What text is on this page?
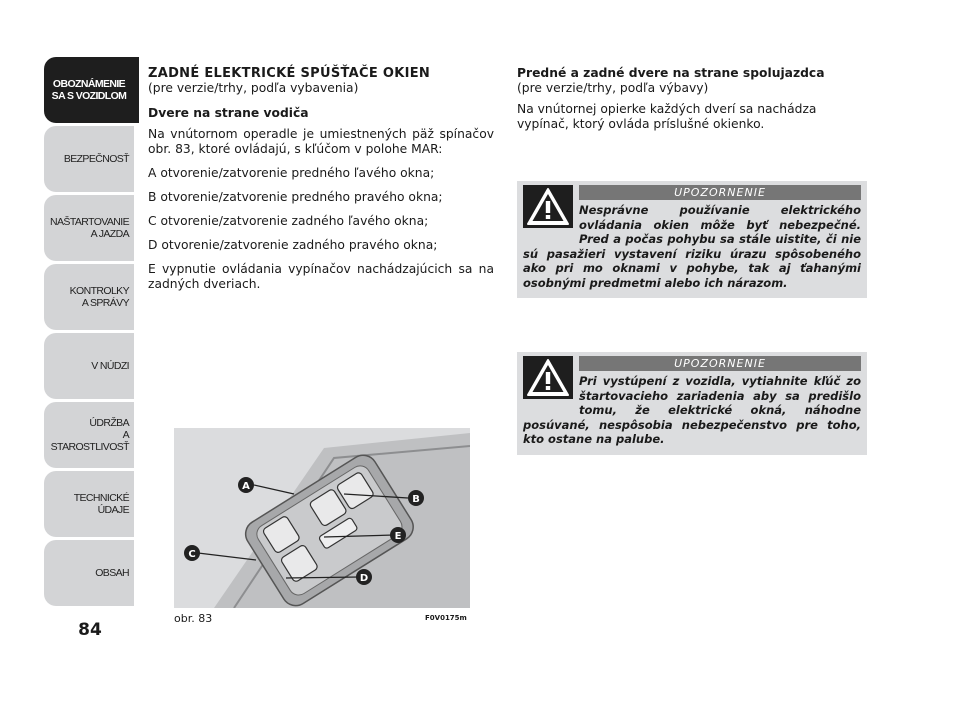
OBOZNÁMENIE
SA S VOZIDLOM
BEZPEČNOSŤ
NAŠTARTOVANIE
A JAZDA
KONTROLKY
A SPRÁVY
V NÚDZI
ÚDRŽBA
A STAROSTLIVOSŤ
TECHNICKÉ
ÚDAJE
OBSAH
84
ZADNÉ ELEKTRICKÉ SPÚŠŤAČE OKIEN
(pre verzie/trhy, podľa vybavenia)
Dvere na strane vodiča

Na vnútornom operadle je umiestnených päž spínačov obr. 83, ktoré ovládajú, s kľúčom v polohe MAR:

A otvorenie/zatvorenie predného ľavého okna;

B otvorenie/zatvorenie predného pravého okna;

C otvorenie/zatvorenie zadného ľavého okna;

D otvorenie/zatvorenie zadného pravého okna;

E vypnutie ovládania vypínačov nachádzajúcich sa na zadných dveriach.

A
B
E
C
D
obr. 83	F0V0175m
Predné a zadné dvere na strane spolujazdca
(pre verzie/trhy, podľa výbavy)

Na vnútornej opierke každých dverí sa nachádza vypínač, ktorý ovláda príslušné okienko.

UPOZORNENIE
Nesprávne používanie elektrického ovládania okien môže byť nebezpečné. Pred a počas pohybu sa stále uistite, či nie sú pasažieri vystavení riziku úrazu spôsobeného ako pri mo oknami v pohybe, tak aj ťahanými osobnými predmetmi alebo ich nárazom.
UPOZORNENIE
Pri vystúpení z vozidla, vytiahnite kľúč zo štartovacieho zariadenia aby sa predišlo tomu, že elektrické okná, náhodne posúvané, nespôsobia nebezpečenstvo pre toho, kto ostane na palube.
